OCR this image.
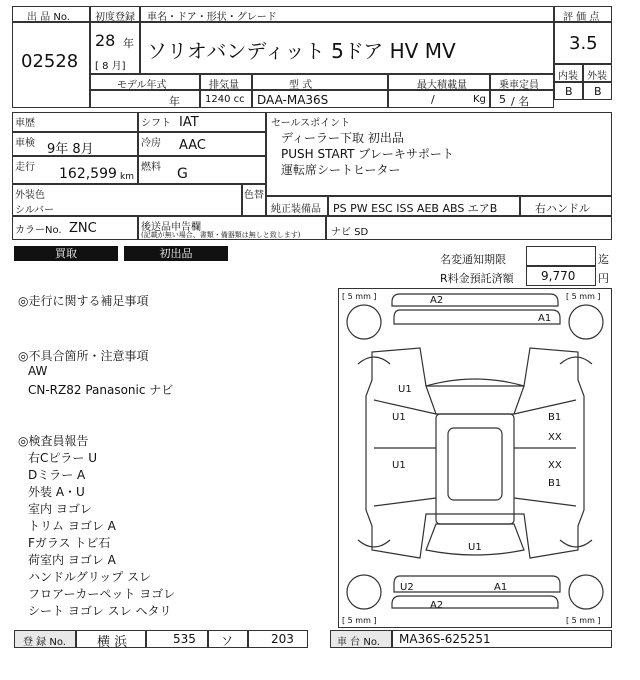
出 品 No.
02528
初度登録
28 年
[ 8 月]
車名・ドア・形状・グレード
ソリオバンディット 5ドア HV MV
評 価 点
3.5
内装 外装
B B
モデル年式
年
排気量
1240 cc
型 式
DAA-MA36S
最大積載量
/	Kg
乗車定員
5 / 名
車歴	シフト IAT
車検 9年 8月	冷房 AAC
走行 162,599 km
燃料 G
外装色
シルバー
色替
カラーNo. ZNC	後送品申告欄
(記載が無い場合、書類・備器類は無しと致します)
セールスポイント
ディーラー下取 初出品
PUSH START ブレーキサポート
運転席シートヒーター
純正装備品 PS PW ESC ISS AEB ABS エアB	右ハンドル
ナビ SD
買取	初出品	名変通知期限	迄
R料金預託済額 9,770 円
◎走行に関する補足事項
◎不具合箇所・注意事項
AW
CN-RZ82 Panasonic ナビ
◎検査員報告
右Cピラー U
Dミラー A
外装 A・U
室内 ヨゴレ
トリム ヨゴレ A
Fガラス トビ石
荷室内 ヨゴレ A
ハンドルグリップ スレ
フロアーカーペット ヨゴレ
シート ヨゴレ スレ ヘタリ
[ 5 mm ]	[ 5 mm ]
[ 5 mm ]	[ 5 mm ]
A2
A1
U1
U1	B1
XX
U1	XX
B1
U1
U2	A1
A2
登 録 No. 横 浜	535 ソ	203	車 台 No. MA36S-625251
